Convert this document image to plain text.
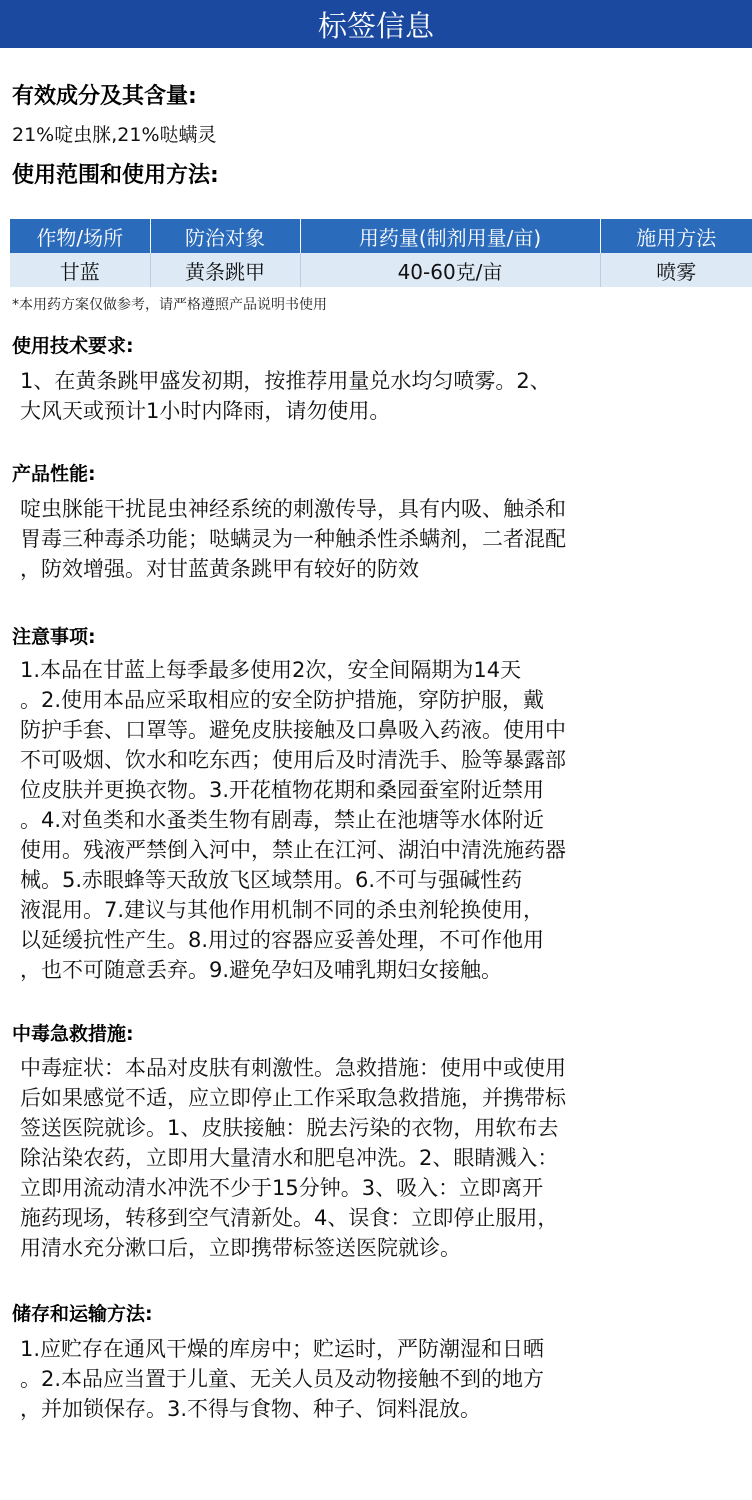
标签信息
有效成分及其含量:
21%啶虫脒,21%哒螨灵
使用范围和使用方法:
作物/场所	防治对象	用药量(制剂用量/亩)	施用方法
甘蓝	黄条跳甲	40-60克/亩	喷雾
*本用药方案仅做参考，请严格遵照产品说明书使用
使用技术要求:
1、在黄条跳甲盛发初期，按推荐用量兑水均匀喷雾。2、
大风天或预计1小时内降雨，请勿使用。
产品性能:
啶虫脒能干扰昆虫神经系统的刺激传导，具有内吸、触杀和
胃毒三种毒杀功能；哒螨灵为一种触杀性杀螨剂，二者混配
，防效增强。对甘蓝黄条跳甲有较好的防效
注意事项:
1.本品在甘蓝上每季最多使用2次，安全间隔期为14天
。2.使用本品应采取相应的安全防护措施，穿防护服，戴
防护手套、口罩等。避免皮肤接触及口鼻吸入药液。使用中
不可吸烟、饮水和吃东西；使用后及时清洗手、脸等暴露部
位皮肤并更换衣物。3.开花植物花期和桑园蚕室附近禁用
。4.对鱼类和水蚤类生物有剧毒，禁止在池塘等水体附近
使用。残液严禁倒入河中，禁止在江河、湖泊中清洗施药器
械。5.赤眼蜂等天敌放飞区域禁用。6.不可与强碱性药
液混用。7.建议与其他作用机制不同的杀虫剂轮换使用，
以延缓抗性产生。8.用过的容器应妥善处理，不可作他用
，也不可随意丢弃。9.避免孕妇及哺乳期妇女接触。
中毒急救措施:
中毒症状：本品对皮肤有刺激性。急救措施：使用中或使用
后如果感觉不适，应立即停止工作采取急救措施，并携带标
签送医院就诊。1、皮肤接触：脱去污染的衣物，用软布去
除沾染农药，立即用大量清水和肥皂冲洗。2、眼睛溅入：
立即用流动清水冲洗不少于15分钟。3、吸入：立即离开
施药现场，转移到空气清新处。4、误食：立即停止服用，
用清水充分漱口后，立即携带标签送医院就诊。
储存和运输方法:
1.应贮存在通风干燥的库房中；贮运时，严防潮湿和日晒
。2.本品应当置于儿童、无关人员及动物接触不到的地方
，并加锁保存。3.不得与食物、种子、饲料混放。
